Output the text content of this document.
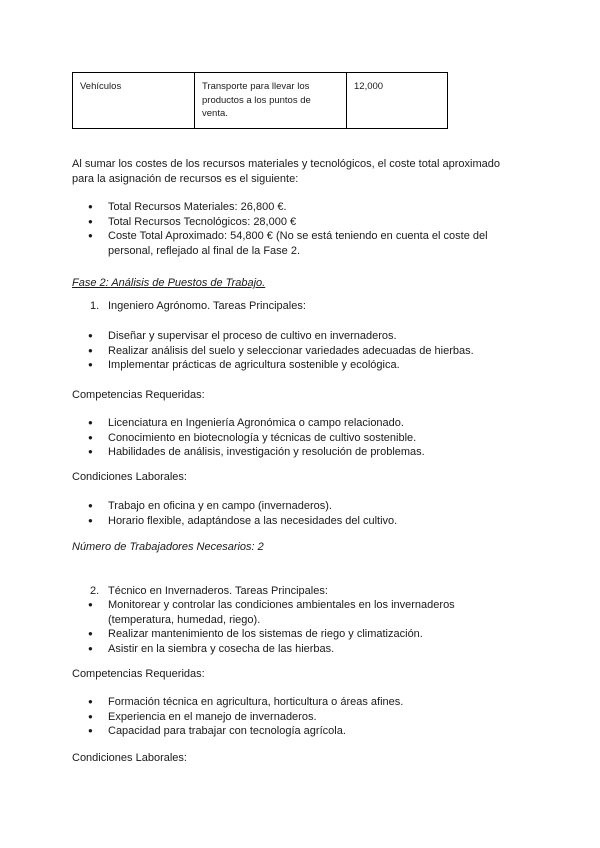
Vehículos	Transporte para llevar los productos a los puntos de venta.	12,000

Al sumar los costes de los recursos materiales y tecnológicos, el coste total aproximado para la asignación de recursos es el siguiente:

● Total Recursos Materiales: 26,800 €.
● Total Recursos Tecnológicos: 28,000 €
● Coste Total Aproximado: 54,800 € (No se está teniendo en cuenta el coste del personal, reflejado al final de la Fase 2.

Fase 2: Análisis de Puestos de Trabajo.

1. Ingeniero Agrónomo. Tareas Principales:
● Diseñar y supervisar el proceso de cultivo en invernaderos.
● Realizar análisis del suelo y seleccionar variedades adecuadas de hierbas.
● Implementar prácticas de agricultura sostenible y ecológica.

Competencias Requeridas:

● Licenciatura en Ingeniería Agronómica o campo relacionado.
● Conocimiento en biotecnología y técnicas de cultivo sostenible.
● Habilidades de análisis, investigación y resolución de problemas.

Condiciones Laborales:

● Trabajo en oficina y en campo (invernaderos).
● Horario flexible, adaptándose a las necesidades del cultivo.

Número de Trabajadores Necesarios: 2

2. Técnico en Invernaderos. Tareas Principales:
● Monitorear y controlar las condiciones ambientales en los invernaderos (temperatura, humedad, riego).
● Realizar mantenimiento de los sistemas de riego y climatización.
● Asistir en la siembra y cosecha de las hierbas.

Competencias Requeridas:

● Formación técnica en agricultura, horticultura o áreas afines.
● Experiencia en el manejo de invernaderos.
● Capacidad para trabajar con tecnología agrícola.

Condiciones Laborales:
